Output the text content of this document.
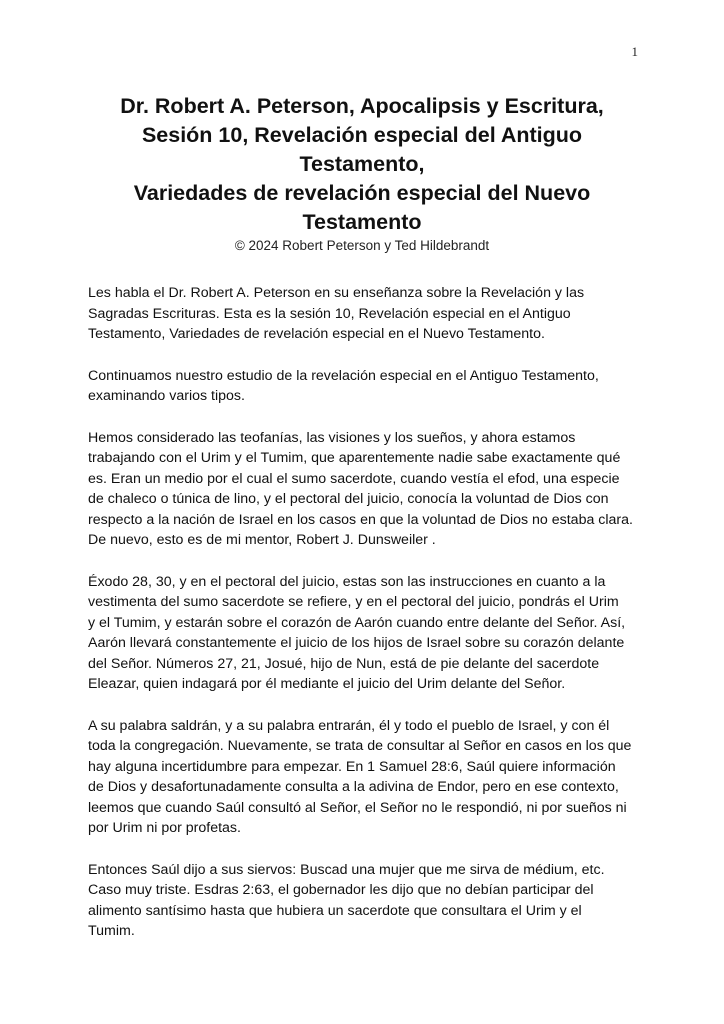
1
Dr. Robert A. Peterson, Apocalipsis y Escritura,
Sesión 10, Revelación especial del Antiguo
Testamento,
Variedades de revelación especial del Nuevo
Testamento
© 2024 Robert Peterson y Ted Hildebrandt

Les habla el Dr. Robert A. Peterson en su enseñanza sobre la Revelación y las
Sagradas Escrituras. Esta es la sesión 10, Revelación especial en el Antiguo
Testamento, Variedades de revelación especial en el Nuevo Testamento.

Continuamos nuestro estudio de la revelación especial en el Antiguo Testamento,
examinando varios tipos.

Hemos considerado las teofanías, las visiones y los sueños, y ahora estamos
trabajando con el Urim y el Tumim, que aparentemente nadie sabe exactamente qué
es. Eran un medio por el cual el sumo sacerdote, cuando vestía el efod, una especie
de chaleco o túnica de lino, y el pectoral del juicio, conocía la voluntad de Dios con
respecto a la nación de Israel en los casos en que la voluntad de Dios no estaba clara.
De nuevo, esto es de mi mentor, Robert J. Dunsweiler .

Éxodo 28, 30, y en el pectoral del juicio, estas son las instrucciones en cuanto a la
vestimenta del sumo sacerdote se refiere, y en el pectoral del juicio, pondrás el Urim
y el Tumim, y estarán sobre el corazón de Aarón cuando entre delante del Señor. Así,
Aarón llevará constantemente el juicio de los hijos de Israel sobre su corazón delante
del Señor. Números 27, 21, Josué, hijo de Nun, está de pie delante del sacerdote
Eleazar, quien indagará por él mediante el juicio del Urim delante del Señor.

A su palabra saldrán, y a su palabra entrarán, él y todo el pueblo de Israel, y con él
toda la congregación. Nuevamente, se trata de consultar al Señor en casos en los que
hay alguna incertidumbre para empezar. En 1 Samuel 28:6, Saúl quiere información
de Dios y desafortunadamente consulta a la adivina de Endor, pero en ese contexto,
leemos que cuando Saúl consultó al Señor, el Señor no le respondió, ni por sueños ni
por Urim ni por profetas.

Entonces Saúl dijo a sus siervos: Buscad una mujer que me sirva de médium, etc.
Caso muy triste. Esdras 2:63, el gobernador les dijo que no debían participar del
alimento santísimo hasta que hubiera un sacerdote que consultara el Urim y el
Tumim.
